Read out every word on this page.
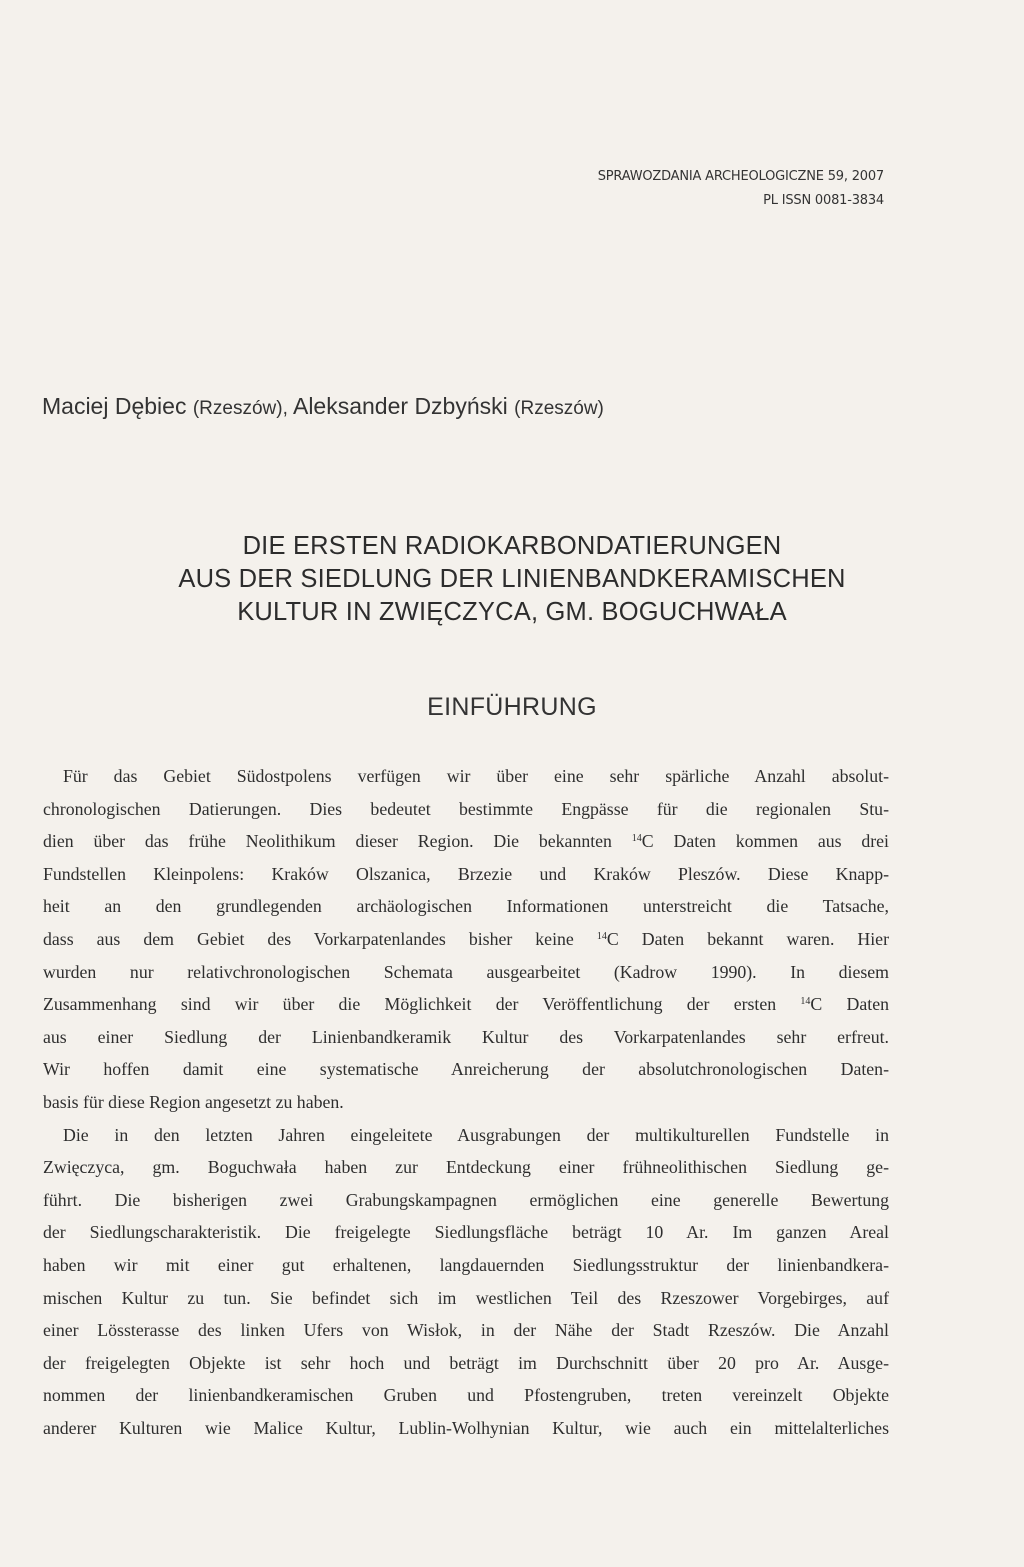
SPRAWOZDANIA ARCHEOLOGICZNE 59, 2007
PL ISSN 0081-3834
Maciej Dębiec (Rzeszów), Aleksander Dzbyński (Rzeszów)
DIE ERSTEN RADIOKARBONDATIERUNGEN
AUS DER SIEDLUNG DER LINIENBANDKERAMISCHEN
KULTUR IN ZWIĘCZYCA, GM. BOGUCHWAŁA
EINFÜHRUNG
Für das Gebiet Südostpolens verfügen wir über eine sehr spärliche Anzahl absolut-
chronologischen Datierungen. Dies bedeutet bestimmte Engpässe für die regionalen Stu-
dien über das frühe Neolithikum dieser Region. Die bekannten $^{14}$C Daten kommen aus drei
Fundstellen Kleinpolens: Kraków Olszanica, Brzezie und Kraków Pleszów. Diese Knapp-
heit an den grundlegenden archäologischen Informationen unterstreicht die Tatsache,
dass aus dem Gebiet des Vorkarpatenlandes bisher keine $^{14}$C Daten bekannt waren. Hier
wurden nur relativchronologischen Schemata ausgearbeitet (Kadrow 1990). In diesem
Zusammenhang sind wir über die Möglichkeit der Veröffentlichung der ersten $^{14}$C Daten
aus einer Siedlung der Linienbandkeramik Kultur des Vorkarpatenlandes sehr erfreut.
Wir hoffen damit eine systematische Anreicherung der absolutchronologischen Daten-
basis für diese Region angesetzt zu haben.
Die in den letzten Jahren eingeleitete Ausgrabungen der multikulturellen Fundstelle in
Zwięczyca, gm. Boguchwała haben zur Entdeckung einer frühneolithischen Siedlung ge-
führt. Die bisherigen zwei Grabungskampagnen ermöglichen eine generelle Bewertung
der Siedlungscharakteristik. Die freigelegte Siedlungsfläche beträgt 10 Ar. Im ganzen Areal
haben wir mit einer gut erhaltenen, langdauernden Siedlungsstruktur der linienbandkera-
mischen Kultur zu tun. Sie befindet sich im westlichen Teil des Rzeszower Vorgebirges, auf
einer Lössterasse des linken Ufers von Wisłok, in der Nähe der Stadt Rzeszów. Die Anzahl
der freigelegten Objekte ist sehr hoch und beträgt im Durchschnitt über 20 pro Ar. Ausge-
nommen der linienbandkeramischen Gruben und Pfostengruben, treten vereinzelt Objekte
anderer Kulturen wie Malice Kultur, Lublin-Wolhynian Kultur, wie auch ein mittelalterliches
